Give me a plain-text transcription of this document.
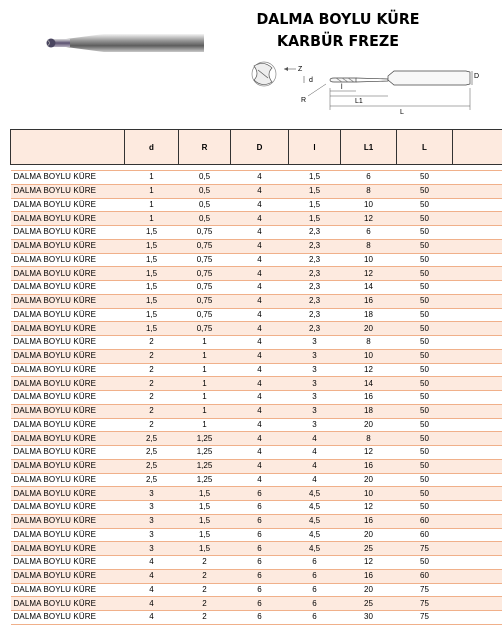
DALMA BOYLU KÜRE
KARBÜR FREZE
Z
d
D
l
L1
L
R
	d	R	D	l	L1	L	

DALMA BOYLU KÜRE	1	0,5	4	1,5	6	50	
DALMA BOYLU KÜRE	1	0,5	4	1,5	8	50	
DALMA BOYLU KÜRE	1	0,5	4	1,5	10	50	
DALMA BOYLU KÜRE	1	0,5	4	1,5	12	50	
DALMA BOYLU KÜRE	1,5	0,75	4	2,3	6	50	
DALMA BOYLU KÜRE	1,5	0,75	4	2,3	8	50	
DALMA BOYLU KÜRE	1,5	0,75	4	2,3	10	50	
DALMA BOYLU KÜRE	1,5	0,75	4	2,3	12	50	
DALMA BOYLU KÜRE	1,5	0,75	4	2,3	14	50	
DALMA BOYLU KÜRE	1,5	0,75	4	2,3	16	50	
DALMA BOYLU KÜRE	1,5	0,75	4	2,3	18	50	
DALMA BOYLU KÜRE	1,5	0,75	4	2,3	20	50	
DALMA BOYLU KÜRE	2	1	4	3	8	50	
DALMA BOYLU KÜRE	2	1	4	3	10	50	
DALMA BOYLU KÜRE	2	1	4	3	12	50	
DALMA BOYLU KÜRE	2	1	4	3	14	50	
DALMA BOYLU KÜRE	2	1	4	3	16	50	
DALMA BOYLU KÜRE	2	1	4	3	18	50	
DALMA BOYLU KÜRE	2	1	4	3	20	50	
DALMA BOYLU KÜRE	2,5	1,25	4	4	8	50	
DALMA BOYLU KÜRE	2,5	1,25	4	4	12	50	
DALMA BOYLU KÜRE	2,5	1,25	4	4	16	50	
DALMA BOYLU KÜRE	2,5	1,25	4	4	20	50	
DALMA BOYLU KÜRE	3	1,5	6	4,5	10	50	
DALMA BOYLU KÜRE	3	1,5	6	4,5	12	50	
DALMA BOYLU KÜRE	3	1,5	6	4,5	16	60	
DALMA BOYLU KÜRE	3	1,5	6	4,5	20	60	
DALMA BOYLU KÜRE	3	1,5	6	4,5	25	75	
DALMA BOYLU KÜRE	4	2	6	6	12	50	
DALMA BOYLU KÜRE	4	2	6	6	16	60	
DALMA BOYLU KÜRE	4	2	6	6	20	75	
DALMA BOYLU KÜRE	4	2	6	6	25	75	
DALMA BOYLU KÜRE	4	2	6	6	30	75	
